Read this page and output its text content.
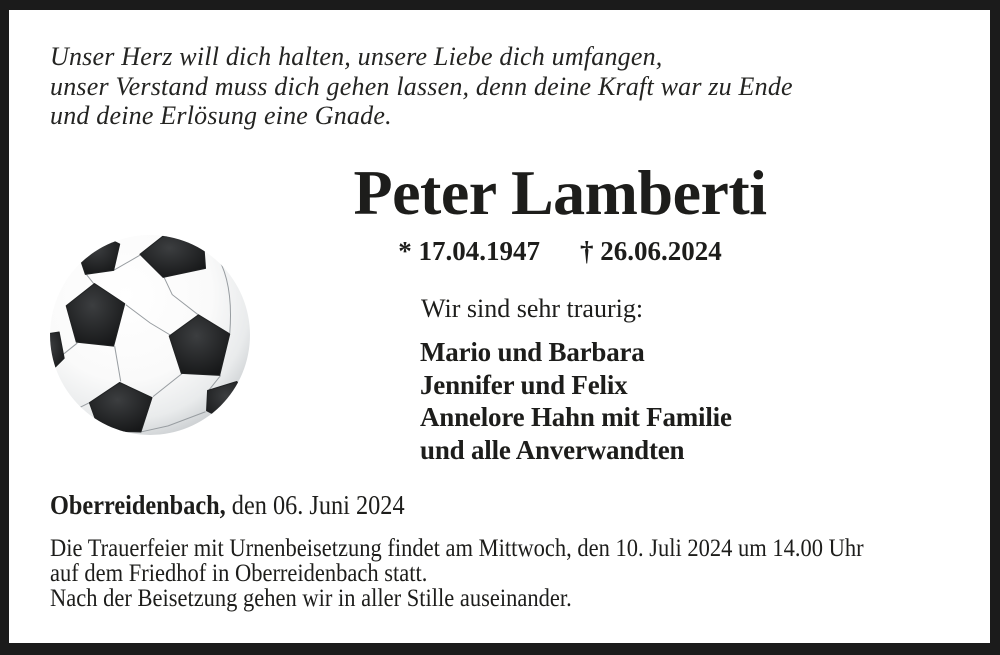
Unser Herz will dich halten, unsere Liebe dich umfangen,
unser Verstand muss dich gehen lassen, denn deine Kraft war zu Ende
und deine Erlösung eine Gnade.
Peter Lamberti
* 17.04.1947 † 26.06.2024
Wir sind sehr traurig:
Mario und Barbara
Jennifer und Felix
Annelore Hahn mit Familie
und alle Anverwandten
Oberreidenbach, den 06. Juni 2024
Die Trauerfeier mit Urnenbeisetzung findet am Mittwoch, den 10. Juli 2024 um 14.00 Uhr
auf dem Friedhof in Oberreidenbach statt.
Nach der Beisetzung gehen wir in aller Stille auseinander.
